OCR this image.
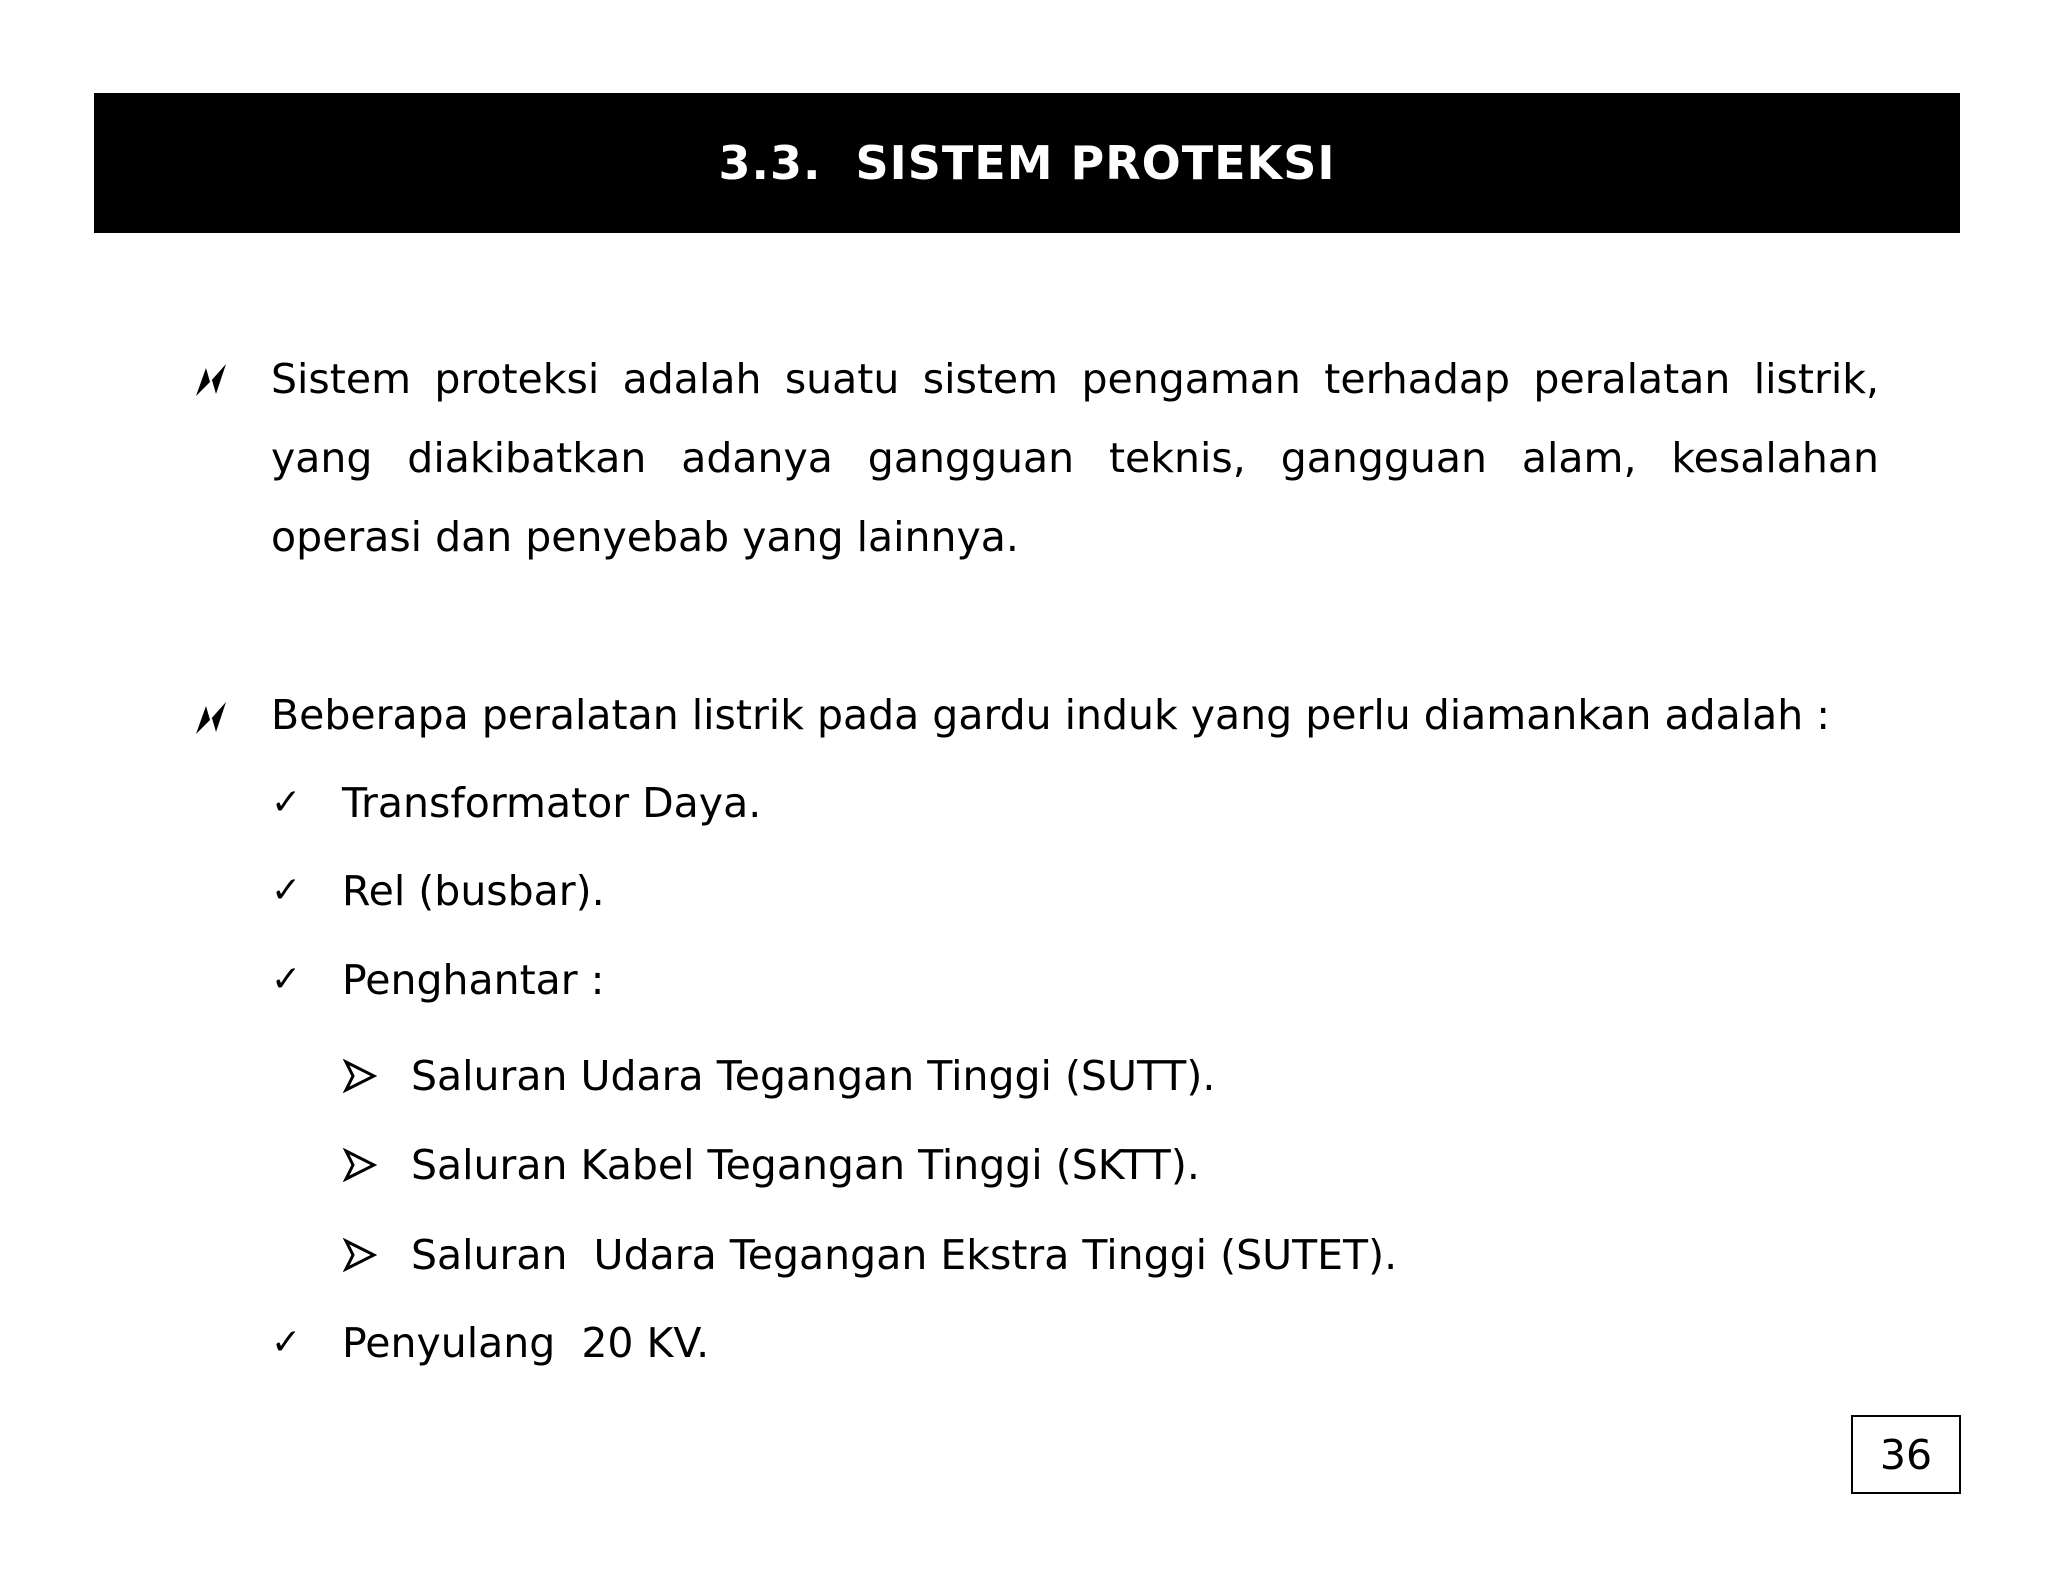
3.3.  SISTEM PROTEKSI
Sistem proteksi adalah suatu sistem pengaman terhadap peralatan listrik, yang diakibatkan adanya gangguan teknis, gangguan alam, kesalahan operasi dan penyebab yang lainnya.
Beberapa peralatan listrik pada gardu induk yang perlu diamankan adalah :
✓ Transformator Daya.
✓ Rel (busbar).
✓ Penghantar :
Saluran Udara Tegangan Tinggi (SUTT).
Saluran Kabel Tegangan Tinggi (SKTT).
Saluran  Udara Tegangan Ekstra Tinggi (SUTET).
✓ Penyulang  20 KV.
36
